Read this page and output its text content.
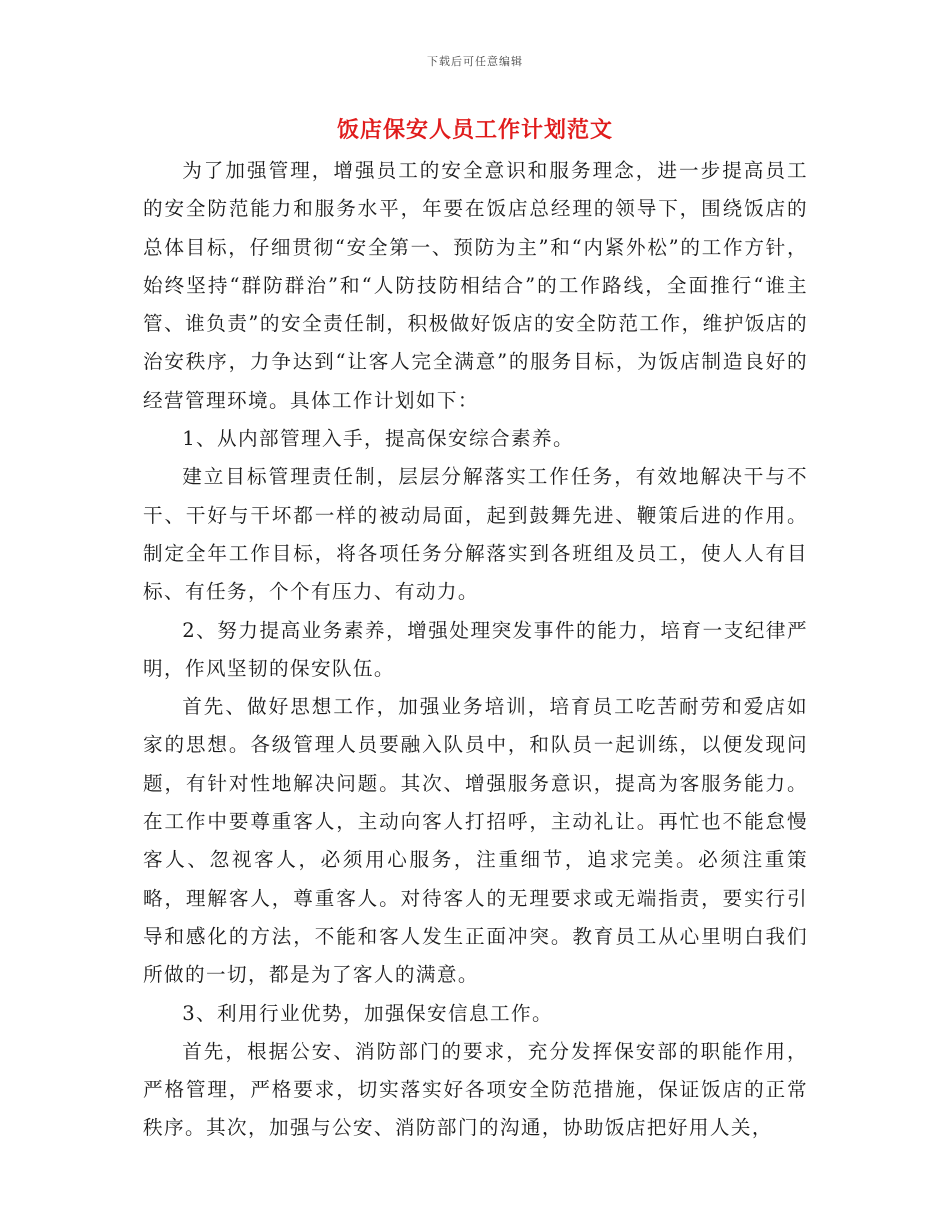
下载后可任意编辑
饭店保安人员工作计划范文

为了加强管理，增强员工的安全意识和服务理念，进一步提高员工的安全防范能力和服务水平，年要在饭店总经理的领导下，围绕饭店的总体目标，仔细贯彻“安全第一、预防为主”和“内紧外松”的工作方针，始终坚持“群防群治”和“人防技防相结合”的工作路线，全面推行“谁主管、谁负责”的安全责任制，积极做好饭店的安全防范工作，维护饭店的治安秩序，力争达到“让客人完全满意”的服务目标，为饭店制造良好的经营管理环境。具体工作计划如下：

1、从内部管理入手，提高保安综合素养。

建立目标管理责任制，层层分解落实工作任务，有效地解决干与不干、干好与干坏都一样的被动局面，起到鼓舞先进、鞭策后进的作用。制定全年工作目标，将各项任务分解落实到各班组及员工，使人人有目标、有任务，个个有压力、有动力。

2、努力提高业务素养，增强处理突发事件的能力，培育一支纪律严明，作风坚韧的保安队伍。

首先、做好思想工作，加强业务培训，培育员工吃苦耐劳和爱店如家的思想。各级管理人员要融入队员中，和队员一起训练，以便发现问题，有针对性地解决问题。其次、增强服务意识，提高为客服务能力。在工作中要尊重客人，主动向客人打招呼，主动礼让。再忙也不能怠慢客人、忽视客人，必须用心服务，注重细节，追求完美。必须注重策略，理解客人，尊重客人。对待客人的无理要求或无端指责，要实行引导和感化的方法，不能和客人发生正面冲突。教育员工从心里明白我们所做的一切，都是为了客人的满意。

3、利用行业优势，加强保安信息工作。

首先，根据公安、消防部门的要求，充分发挥保安部的职能作用，严格管理，严格要求，切实落实好各项安全防范措施，保证饭店的正常秩序。其次，加强与公安、消防部门的沟通，协助饭店把好用人关，
